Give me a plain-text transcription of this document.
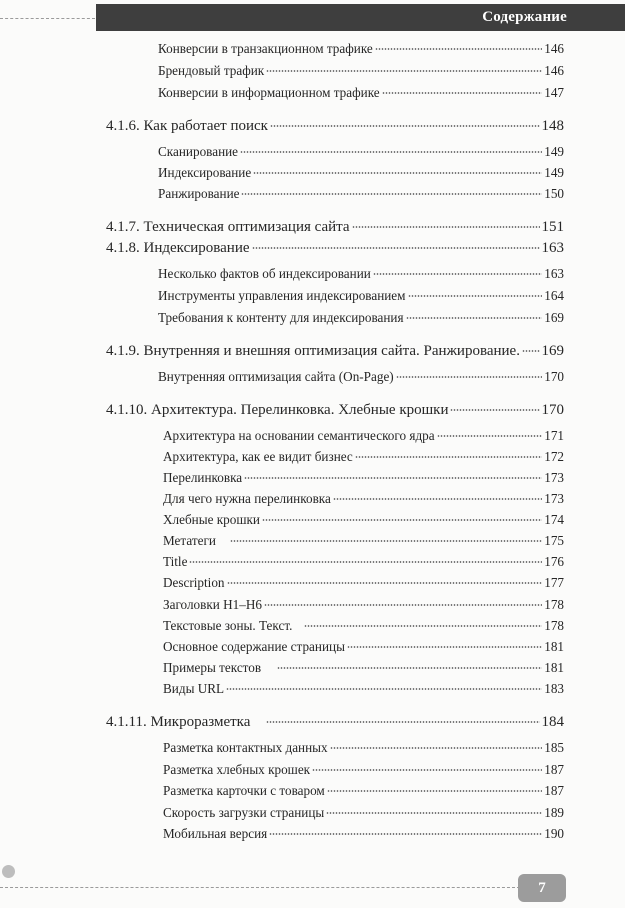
Содержание
Конверсии в транзакционном трафике	146
Брендовый трафик	146
Конверсии в информационном трафике	147
4.1.6. Как работает поиск	148
Сканирование	149
Индексирование	149
Ранжирование	150
4.1.7. Техническая оптимизация сайта	151
4.1.8. Индексирование	163
Несколько фактов об индексировании	163
Инструменты управления индексированием	164
Требования к контенту для индексирования	169
4.1.9. Внутренняя и внешняя оптимизация сайта. Ранжирование. 169
Внутренняя оптимизация сайта (On-Page)	170
4.1.10. Архитектура. Перелинковка. Хлебные крошки	170
Архитектура на основании семантического ядра	171
Архитектура, как ее видит бизнес	172
Перелинковка	173
Для чего нужна перелинковка	173
Хлебные крошки	174
Метатеги	175
Title	176
Description	177
Заголовки H1–H6	178
Текстовые зоны. Текст.	178
Основное содержание страницы	181
Примеры текстов	181
Виды URL	183
4.1.11. Микроразметка	184
Разметка контактных данных	185
Разметка хлебных крошек	187
Разметка карточки с товаром	187
Скорость загрузки страницы	189
Мобильная версия	190
7
